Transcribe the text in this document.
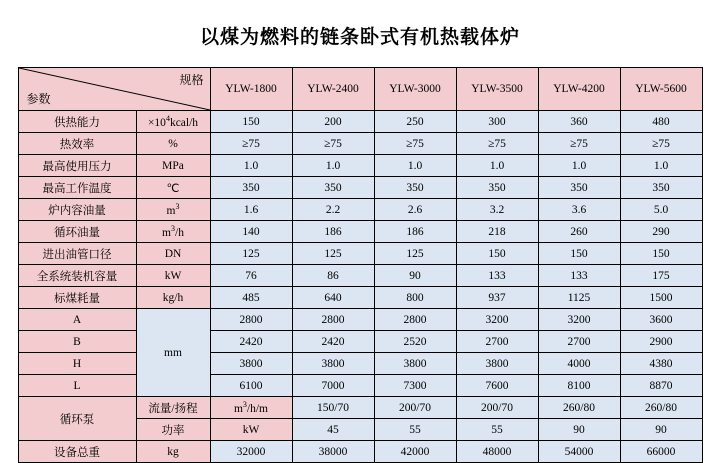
以煤为燃料的链条卧式有机热载体炉
规格
参数		YLW-1800	YLW-2400	YLW-3000	YLW-3500	YLW-4200	YLW-5600	
供热能力	$\times 10^4kcal/h$	150	200	250	300	360	480	
热效率	%	≥75	≥75	≥75	≥75	≥75	≥75	
最高使用压力	MPa	1.0	1.0	1.0	1.0	1.0	1.0	
最高工作温度	℃	350	350	350	350	350	350	
炉内容油量	$m^3$	1.6	2.2	2.6	3.2	3.6	5.0	
循环油量	$m^3/h$	140	186	186	218	260	290	
进出油管口径	DN	125	125	125	150	150	150	
全系统装机容量	kW	76	86	90	133	133	175	
标煤耗量	kg/h	485	640	800	937	1125	1500	
A	mm	2800	2800	2800	3200	3200	3600	
B		2420	2420	2520	2700	2700	2900	
H		3800	3800	3800	3800	4000	4380	
L		6100	7000	7300	7600	8100	8870	
循环泵	流量/扬程	$m^3/h/m$	150/70	200/70	200/70	260/80	260/80	
	功率	kW	45	55	55	90	90	
设备总重	kg	32000	38000	42000	48000	54000	66000	
